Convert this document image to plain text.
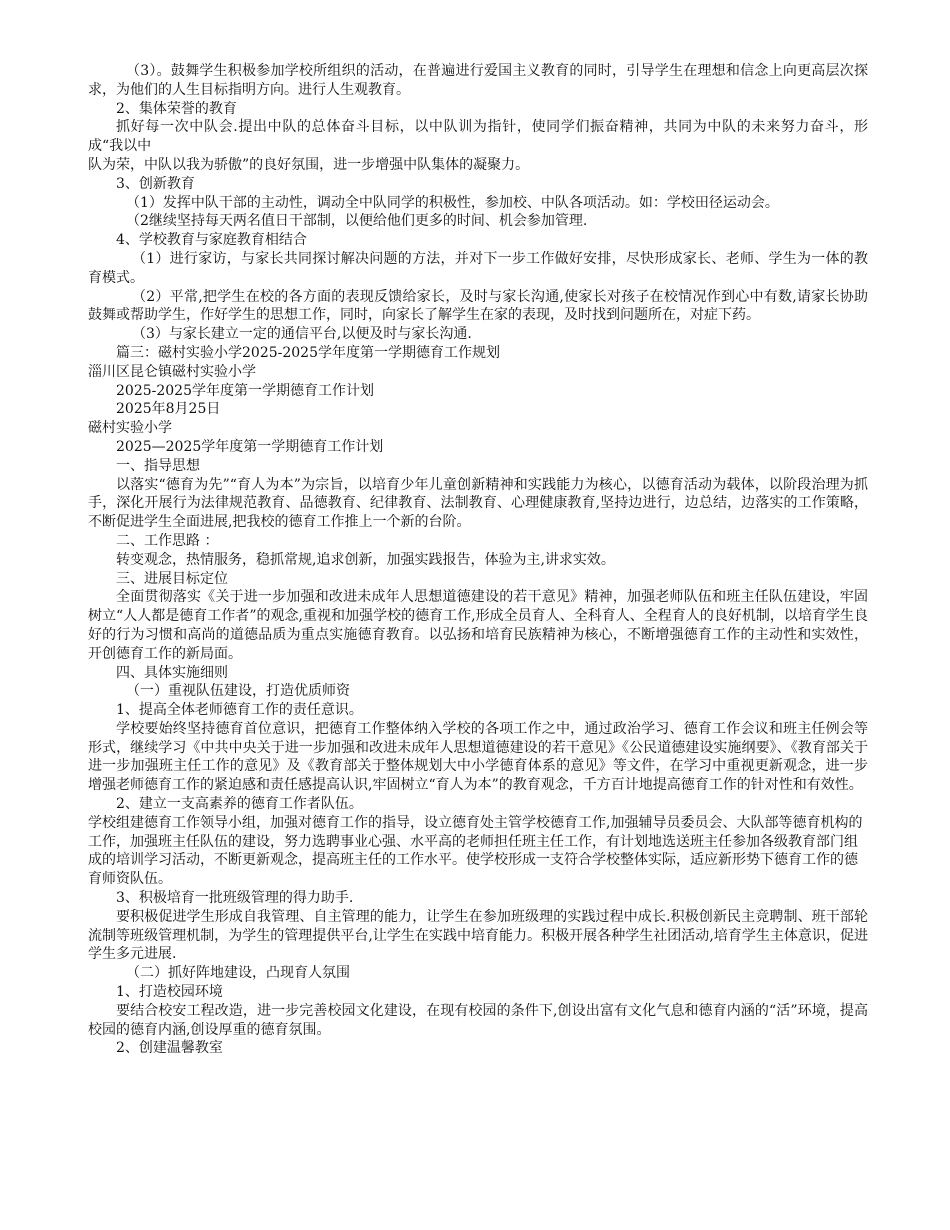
（3）。鼓舞学生积极参加学校所组织的活动，在普遍进行爱国主义教育的同时，引导学生在理想和信念上向更高层次探求，为他们的人生目标指明方向。进行人生观教育。

2、集体荣誉的教育

抓好每一次中队会.提出中队的总体奋斗目标，以中队训为指针，使同学们振奋精神，共同为中队的未来努力奋斗，形成“我以中

队为荣，中队以我为骄傲”的良好氛围，进一步增强中队集体的凝聚力。

3、创新教育

（1）发挥中队干部的主动性，调动全中队同学的积极性，参加校、中队各项活动。如：学校田径运动会。

（2继续坚持每天两名值日干部制，以便给他们更多的时间、机会参加管理.

4、学校教育与家庭教育相结合

（1）进行家访，与家长共同探讨解决问题的方法，并对下一步工作做好安排，尽快形成家长、老师、学生为一体的教育模式。

（2）平常,把学生在校的各方面的表现反馈给家长，及时与家长沟通,使家长对孩子在校情况作到心中有数,请家长协助鼓舞或帮助学生，作好学生的思想工作，同时，向家长了解学生在家的表现，及时找到问题所在，对症下药。

（3）与家长建立一定的通信平台,以便及时与家长沟通.

篇三：磁村实验小学2025-2025学年度第一学期德育工作规划

淄川区昆仑镇磁村实验小学

2025-2025学年度第一学期德育工作计划

2025年8月25日

磁村实验小学

2025—2025学年度第一学期德育工作计划

一、指导思想

以落实“德育为先”“育人为本”为宗旨，以培育少年儿童创新精神和实践能力为核心，以德育活动为载体，以阶段治理为抓手，深化开展行为法律规范教育、品德教育、纪律教育、法制教育、心理健康教育,坚持边进行，边总结，边落实的工作策略，不断促进学生全面进展,把我校的德育工作推上一个新的台阶。

二、工作思路 ：

转变观念，热情服务，稳抓常规,追求创新，加强实践报告，体验为主,讲求实效。

三、进展目标定位

全面贯彻落实《关于进一步加强和改进未成年人思想道德建设的若干意见》精神，加强老师队伍和班主任队伍建设，牢固树立“人人都是德育工作者”的观念,重视和加强学校的德育工作,形成全员育人、全科育人、全程育人的良好机制，以培育学生良好的行为习惯和高尚的道德品质为重点实施德育教育。以弘扬和培育民族精神为核心，不断增强德育工作的主动性和实效性，开创德育工作的新局面。

四、具体实施细则

（一）重视队伍建设，打造优质师资

1、提高全体老师德育工作的责任意识。

学校要始终坚持德育首位意识，把德育工作整体纳入学校的各项工作之中，通过政治学习、德育工作会议和班主任例会等形式，继续学习《中共中央关于进一步加强和改进未成年人思想道德建设的若干意见》《公民道德建设实施纲要》、《教育部关于进一步加强班主任工作的意见》及《教育部关于整体规划大中小学德育体系的意见》等文件，在学习中重视更新观念，进一步增强老师德育工作的紧迫感和责任感提高认识,牢固树立“育人为本”的教育观念，千方百计地提高德育工作的针对性和有效性。

2、建立一支高素养的德育工作者队伍。

学校组建德育工作领导小组，加强对德育工作的指导，设立德育处主管学校德育工作,加强辅导员委员会、大队部等德育机构的工作，加强班主任队伍的建设，努力选聘事业心强、水平高的老师担任班主任工作，有计划地选送班主任参加各级教育部门组成的培训学习活动，不断更新观念，提高班主任的工作水平。使学校形成一支符合学校整体实际，适应新形势下德育工作的德育师资队伍。

3、积极培育一批班级管理的得力助手.

要积极促进学生形成自我管理、自主管理的能力，让学生在参加班级理的实践过程中成长.积极创新民主竞聘制、班干部轮流制等班级管理机制，为学生的管理提供平台,让学生在实践中培育能力。积极开展各种学生社团活动,培育学生主体意识，促进学生多元进展.

（二）抓好阵地建设，凸现育人氛围

1、打造校园环境

要结合校安工程改造，进一步完善校园文化建设，在现有校园的条件下,创设出富有文化气息和德育内涵的“活”环境，提高校园的德育内涵,创设厚重的德育氛围。

2、创建温馨教室
